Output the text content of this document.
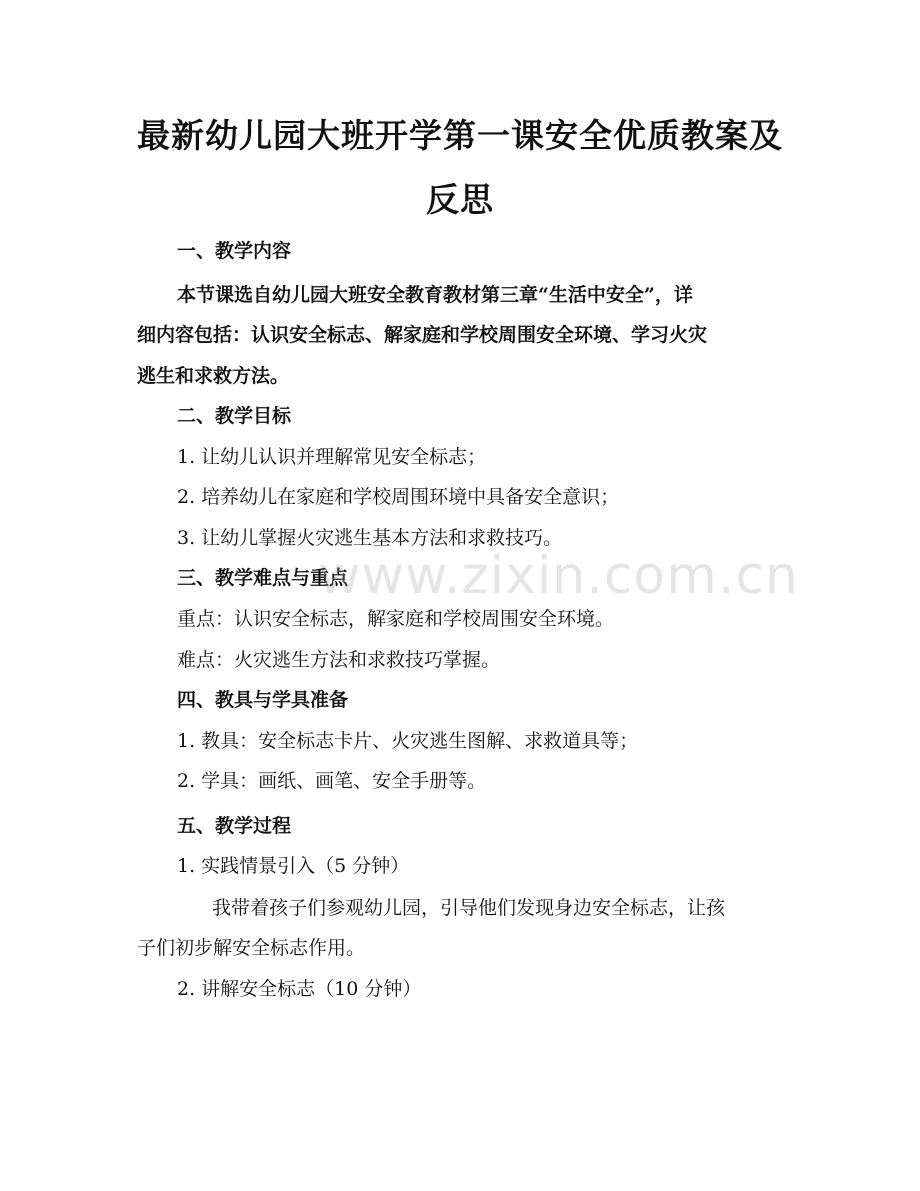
最新幼儿园大班开学第一课安全优质教案及
反思
一、教学内容
本节课选自幼儿园大班安全教育教材第三章“生活中安全”，详
细内容包括：认识安全标志、解家庭和学校周围安全环境、学习火灾
逃生和求救方法。
二、教学目标
1. 让幼儿认识并理解常见安全标志；
2. 培养幼儿在家庭和学校周围环境中具备安全意识；
3. 让幼儿掌握火灾逃生基本方法和求救技巧。
三、教学难点与重点
重点：认识安全标志，解家庭和学校周围安全环境。
难点：火灾逃生方法和求救技巧掌握。
四、教具与学具准备
1. 教具：安全标志卡片、火灾逃生图解、求救道具等；
2. 学具：画纸、画笔、安全手册等。
五、教学过程
1. 实践情景引入（5 分钟）
我带着孩子们参观幼儿园，引导他们发现身边安全标志，让孩
子们初步解安全标志作用。
2. 讲解安全标志（10 分钟）
www.zixin.com.cn
